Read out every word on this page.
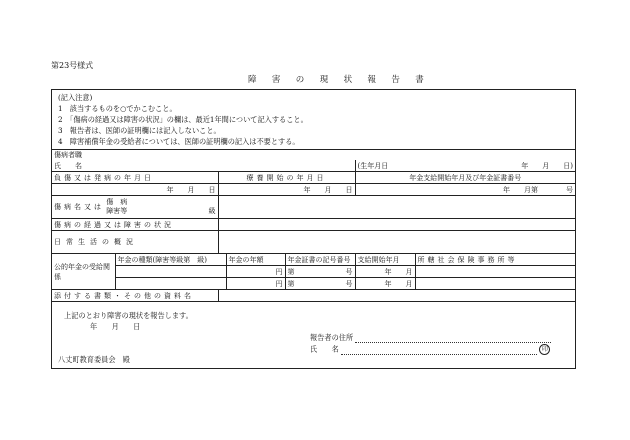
第23号様式
障害の現状報告書
(記入注意)
1　該当するものを○でかこむこと。
2　「傷病の経過又は障害の状況」の欄は、最近1年間について記入すること。
3　報告者は、医師の証明欄には記入しないこと。
4　障害補償年金の受給者については、医師の証明欄の記入は不要とする。
傷病者職						
氏　　名					(生年月日 年　　月　　日)	

負傷又は発病の年月日		療養開始の年月日			年金支給開始年月及び年金証書番号	
年　　月　　日		年　　月　　日			年　　月第　　　　号	
傷病名又は 傷　病
障害等 級						

傷病の経過又は障害の状況						
日常生活の概況						
公的年金の受給関係	年金の種類(障害等級第　級)		年金の年額	年金証書の記号番号	支給開始年月	所轄社会保険事務所等
			円	第 号	年　　月	
			円	第 号	年　　月	
添付する書類・その他の資料名						
上記のとおり障害の現状を報告します。
年　　月　　日
報告者の住所
氏　　名	印
八丈町教育委員会　殿
